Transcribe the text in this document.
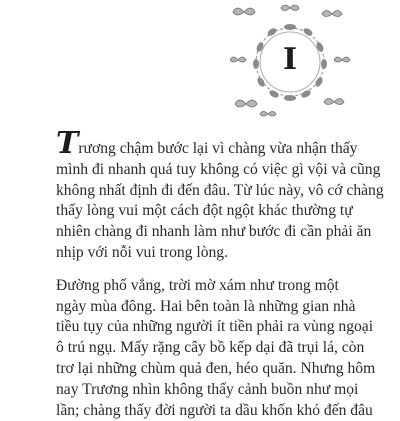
I
Trương chậm bước lại vì chàng vừa nhận thấy
mình đi nhanh quá tuy không có việc gì vội và cũng
không nhất định đi đến đâu. Từ lúc này, vô cớ chàng
thấy lòng vui một cách đột ngột khác thường tự
nhiên chàng đi nhanh làm như bước đi cần phải ăn
nhịp với nỗi vui trong lòng.
Đường phố vắng, trời mờ xám như trong một
ngày mùa đông. Hai bên toàn là những gian nhà
tiều tụy của những người ít tiền phải ra vùng ngoại
ô trú ngụ. Mấy rặng cây bồ kếp dại đã trụi lá, còn
trơ lại những chùm quả đen, héo quăn. Nhưng hôm
nay Trương nhìn không thấy cảnh buồn như mọi
lần; chàng thấy đời người ta dầu khốn khó đến đâu
